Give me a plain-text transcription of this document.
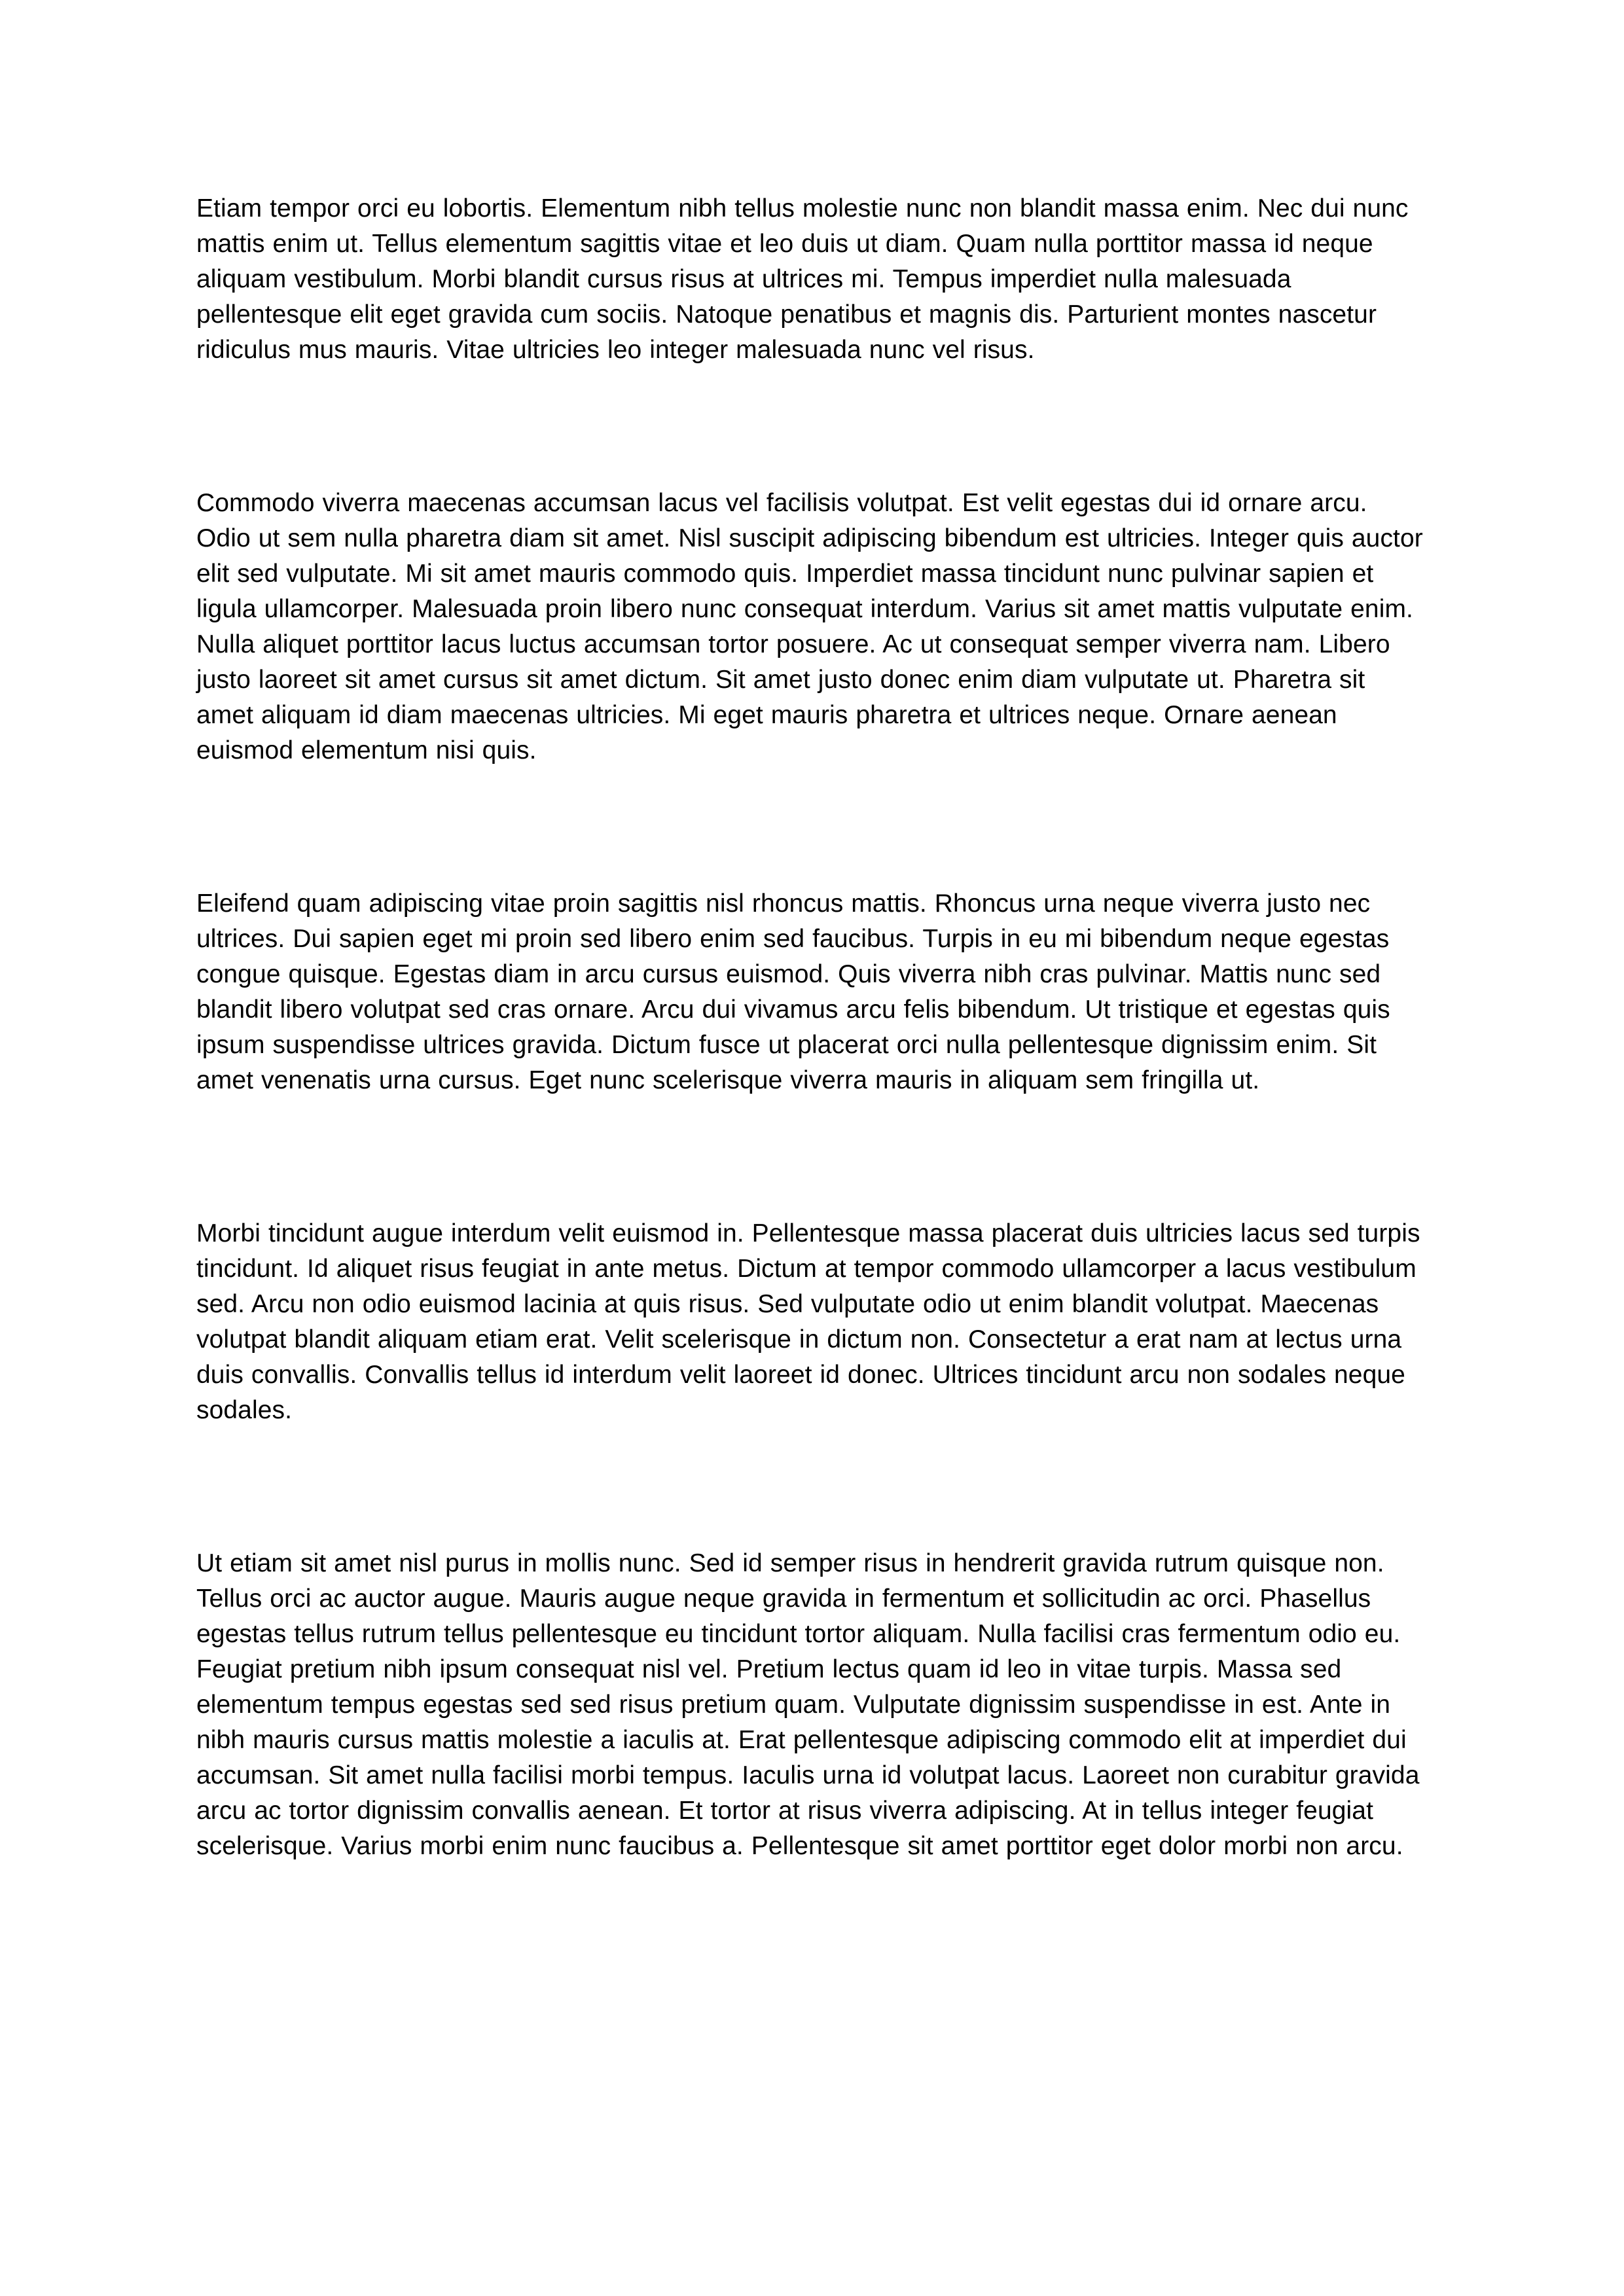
Etiam tempor orci eu lobortis. Elementum nibh tellus molestie nunc non blandit massa enim. Nec dui nunc mattis enim ut. Tellus elementum sagittis vitae et leo duis ut diam. Quam nulla porttitor massa id neque aliquam vestibulum. Morbi blandit cursus risus at ultrices mi. Tempus imperdiet nulla malesuada pellentesque elit eget gravida cum sociis. Natoque penatibus et magnis dis. Parturient montes nascetur ridiculus mus mauris. Vitae ultricies leo integer malesuada nunc vel risus.

Commodo viverra maecenas accumsan lacus vel facilisis volutpat. Est velit egestas dui id ornare arcu. Odio ut sem nulla pharetra diam sit amet. Nisl suscipit adipiscing bibendum est ultricies. Integer quis auctor elit sed vulputate. Mi sit amet mauris commodo quis. Imperdiet massa tincidunt nunc pulvinar sapien et ligula ullamcorper. Malesuada proin libero nunc consequat interdum. Varius sit amet mattis vulputate enim. Nulla aliquet porttitor lacus luctus accumsan tortor posuere. Ac ut consequat semper viverra nam. Libero justo laoreet sit amet cursus sit amet dictum. Sit amet justo donec enim diam vulputate ut. Pharetra sit amet aliquam id diam maecenas ultricies. Mi eget mauris pharetra et ultrices neque. Ornare aenean euismod elementum nisi quis.

Eleifend quam adipiscing vitae proin sagittis nisl rhoncus mattis. Rhoncus urna neque viverra justo nec ultrices. Dui sapien eget mi proin sed libero enim sed faucibus. Turpis in eu mi bibendum neque egestas congue quisque. Egestas diam in arcu cursus euismod. Quis viverra nibh cras pulvinar. Mattis nunc sed blandit libero volutpat sed cras ornare. Arcu dui vivamus arcu felis bibendum. Ut tristique et egestas quis ipsum suspendisse ultrices gravida. Dictum fusce ut placerat orci nulla pellentesque dignissim enim. Sit amet venenatis urna cursus. Eget nunc scelerisque viverra mauris in aliquam sem fringilla ut.

Morbi tincidunt augue interdum velit euismod in. Pellentesque massa placerat duis ultricies lacus sed turpis tincidunt. Id aliquet risus feugiat in ante metus. Dictum at tempor commodo ullamcorper a lacus vestibulum sed. Arcu non odio euismod lacinia at quis risus. Sed vulputate odio ut enim blandit volutpat. Maecenas volutpat blandit aliquam etiam erat. Velit scelerisque in dictum non. Consectetur a erat nam at lectus urna duis convallis. Convallis tellus id interdum velit laoreet id donec. Ultrices tincidunt arcu non sodales neque sodales.

Ut etiam sit amet nisl purus in mollis nunc. Sed id semper risus in hendrerit gravida rutrum quisque non. Tellus orci ac auctor augue. Mauris augue neque gravida in fermentum et sollicitudin ac orci. Phasellus egestas tellus rutrum tellus pellentesque eu tincidunt tortor aliquam. Nulla facilisi cras fermentum odio eu. Feugiat pretium nibh ipsum consequat nisl vel. Pretium lectus quam id leo in vitae turpis. Massa sed elementum tempus egestas sed sed risus pretium quam. Vulputate dignissim suspendisse in est. Ante in nibh mauris cursus mattis molestie a iaculis at. Erat pellentesque adipiscing commodo elit at imperdiet dui accumsan. Sit amet nulla facilisi morbi tempus. Iaculis urna id volutpat lacus. Laoreet non curabitur gravida arcu ac tortor dignissim convallis aenean. Et tortor at risus viverra adipiscing. At in tellus integer feugiat scelerisque. Varius morbi enim nunc faucibus a. Pellentesque sit amet porttitor eget dolor morbi non arcu.
